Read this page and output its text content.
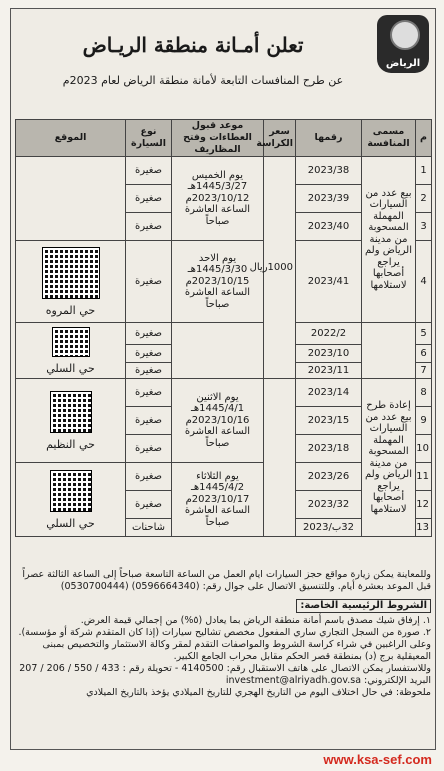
الرياض
تعلن أمـانة منطقة الريـاض
عن طرح المنافسات التابعة لأمانة منطقة الرياض لعام 2023م
م	مسمى المنافسة	رقمها	سعر الكراسة	موعد قبول العطاءات وفتح المظاريف	نوع السيارة	الموقع
1	بيع عدد من السيارات المهملة المسحوبة من مدينة الرياض ولم يراجع أصحابها لاستلامها	2023/38	1000ريال	يوم الخميس 1445/3/27هـ 2023/10/12م الساعة العاشرة صباحاً	صغيرة	
2		2023/39			صغيرة	
3		2023/40			صغيرة	
4		2023/41		يوم الاحد 1445/3/30هـ 2023/10/15م الساعة العاشرة صباحاً	صغيرة	حي المروه

5		2022/2			صغيرة	حي السلي

6		2023/10			صغيرة	
7		2023/11			صغيرة	
8	إعادة طرح بيع عدد من السيارات المهملة المسحوبة من مدينة الرياض ولم يراجع أصحابها لاستلامها	2023/14		يوم الاثنين 1445/4/1هـ 2023/10/16م الساعة العاشرة صباحاً	صغيرة	حي النظيم

9		2023/15			صغيرة	
10		2023/18			صغيرة	
11		2023/26		يوم الثلاثاء 1445/4/2هـ 2023/10/17م الساعة العاشرة صباحاً	صغيرة	حي السلي

12		2023/32			صغيرة	
13		32ب/2023			شاحنات	

وللمعاينة يمكن زيارة مواقع حجز السيارات ايام العمل من الساعة التاسعة صباحاً إلى الساعة الثالثة عصراً قبل الموعد بعشرة أيام. وللتنسيق الاتصال على جوال رقم: (0596664340) (0530700444)

الشروط الرئيسية الخاصة:

١. إرفاق شيك مصدق باسم أمانة منطقة الرياض بما يعادل (٥%) من إجمالي قيمة العرض.

٢. صورة من السجل التجاري ساري المفعول مخصص تشاليح سيارات (إذا كان المتقدم شركة أو مؤسسة).

وعلى الراغبين في شراء كراسة الشروط والمواصفات التقدم لمقر وكالة الاستثمار والتخصيص بمبنى المعيقلية برج (د) بمنطقة قصر الحكم مقابل محراب الجامع الكبير.

وللاستفسار يمكن الاتصال على هاتف الاستقبال رقم: 4140500 - تحويلة رقم : 433 / 550 / 206 / 207

البريد الإلكتروني: investment@alriyadh.gov.sa

ملحوظة: في حال اختلاف اليوم من التاريخ الهجري للتاريخ الميلادي يؤخذ بالتاريخ الميلادي

www.ksa-sef.com
